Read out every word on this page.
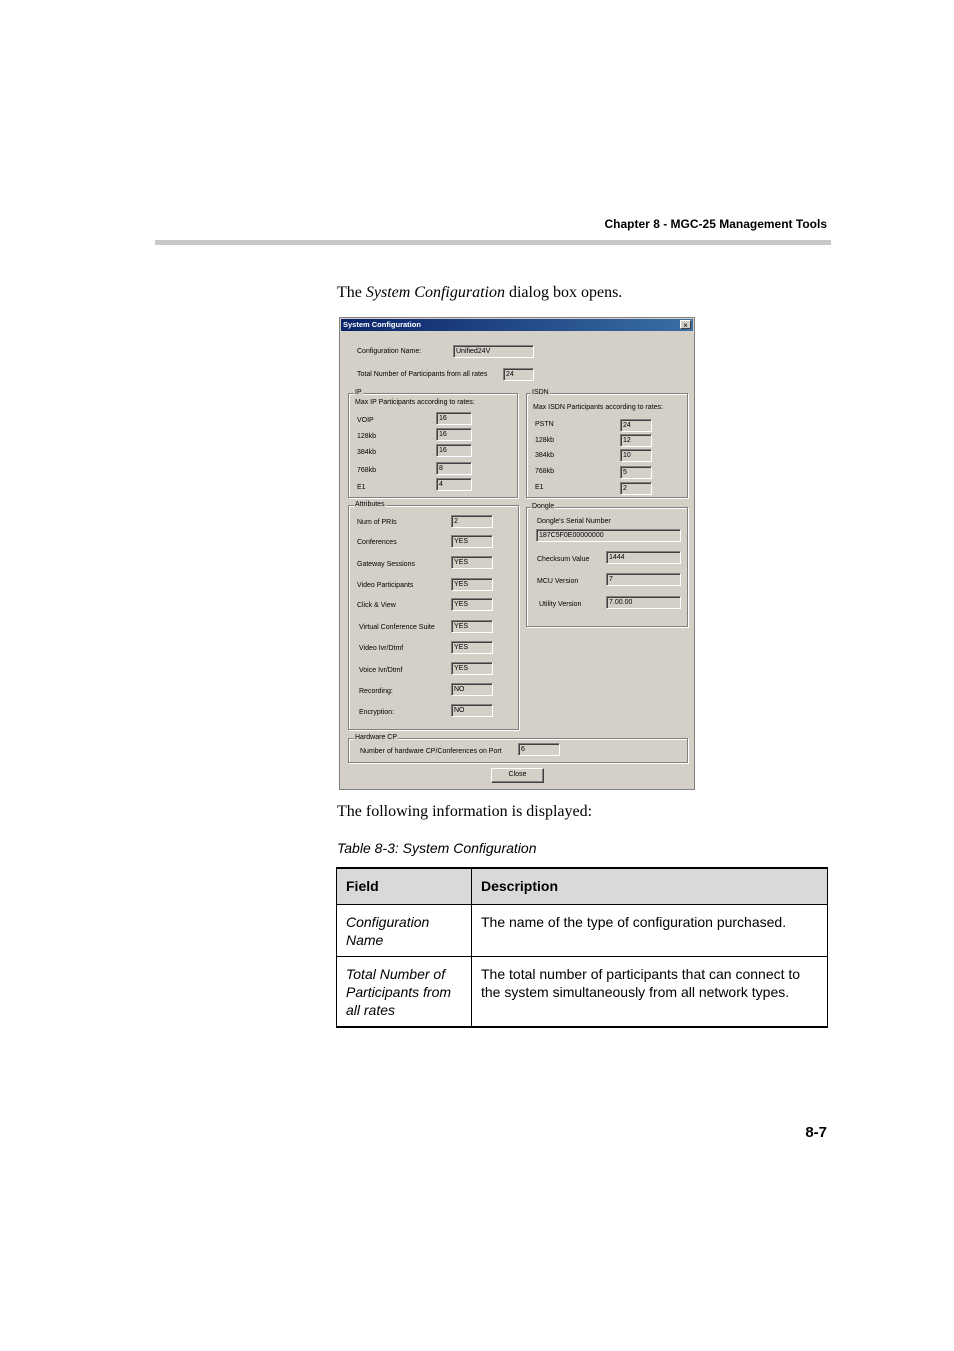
Chapter 8 - MGC-25 Management Tools
The System Configuration dialog box opens.
System Configuration	×
Configuration Name:	Unified24V
Total Number of Participants from all rates	24
IP
Max IP Participants according to rates:
VOIP	16
128kb	16
384kb	16
768kb	8
E1	4
ISDN
Max ISDN Participants according to rates:
PSTN	24
128kb	12
384kb	10
768kb	5
E1	2
Attributes
Num of PRIs	2
Conferences	YES
Gateway Sessions	YES
Video Participants	YES
Click & View	YES
Virtual Conference Suite	YES
Video Ivr/Dtmf	YES
Voice Ivr/Dtmf	YES
Recording:	NO
Encryption:	NO
Dongle
Dongle's Serial Number
187C5F0E00000000
Checksum Value	1444
MCU Version	7
Utility Version	7.00.00
Hardware CP
Number of hardware CP/Conferences on Port	6
Close
The following information is displayed:
Table 8-3: System Configuration
Field	Description
Configuration Name	The name of the type of configuration purchased.
Total Number of Participants from all rates	The total number of participants that can connect to the system simultaneously from all network types.
8-7
